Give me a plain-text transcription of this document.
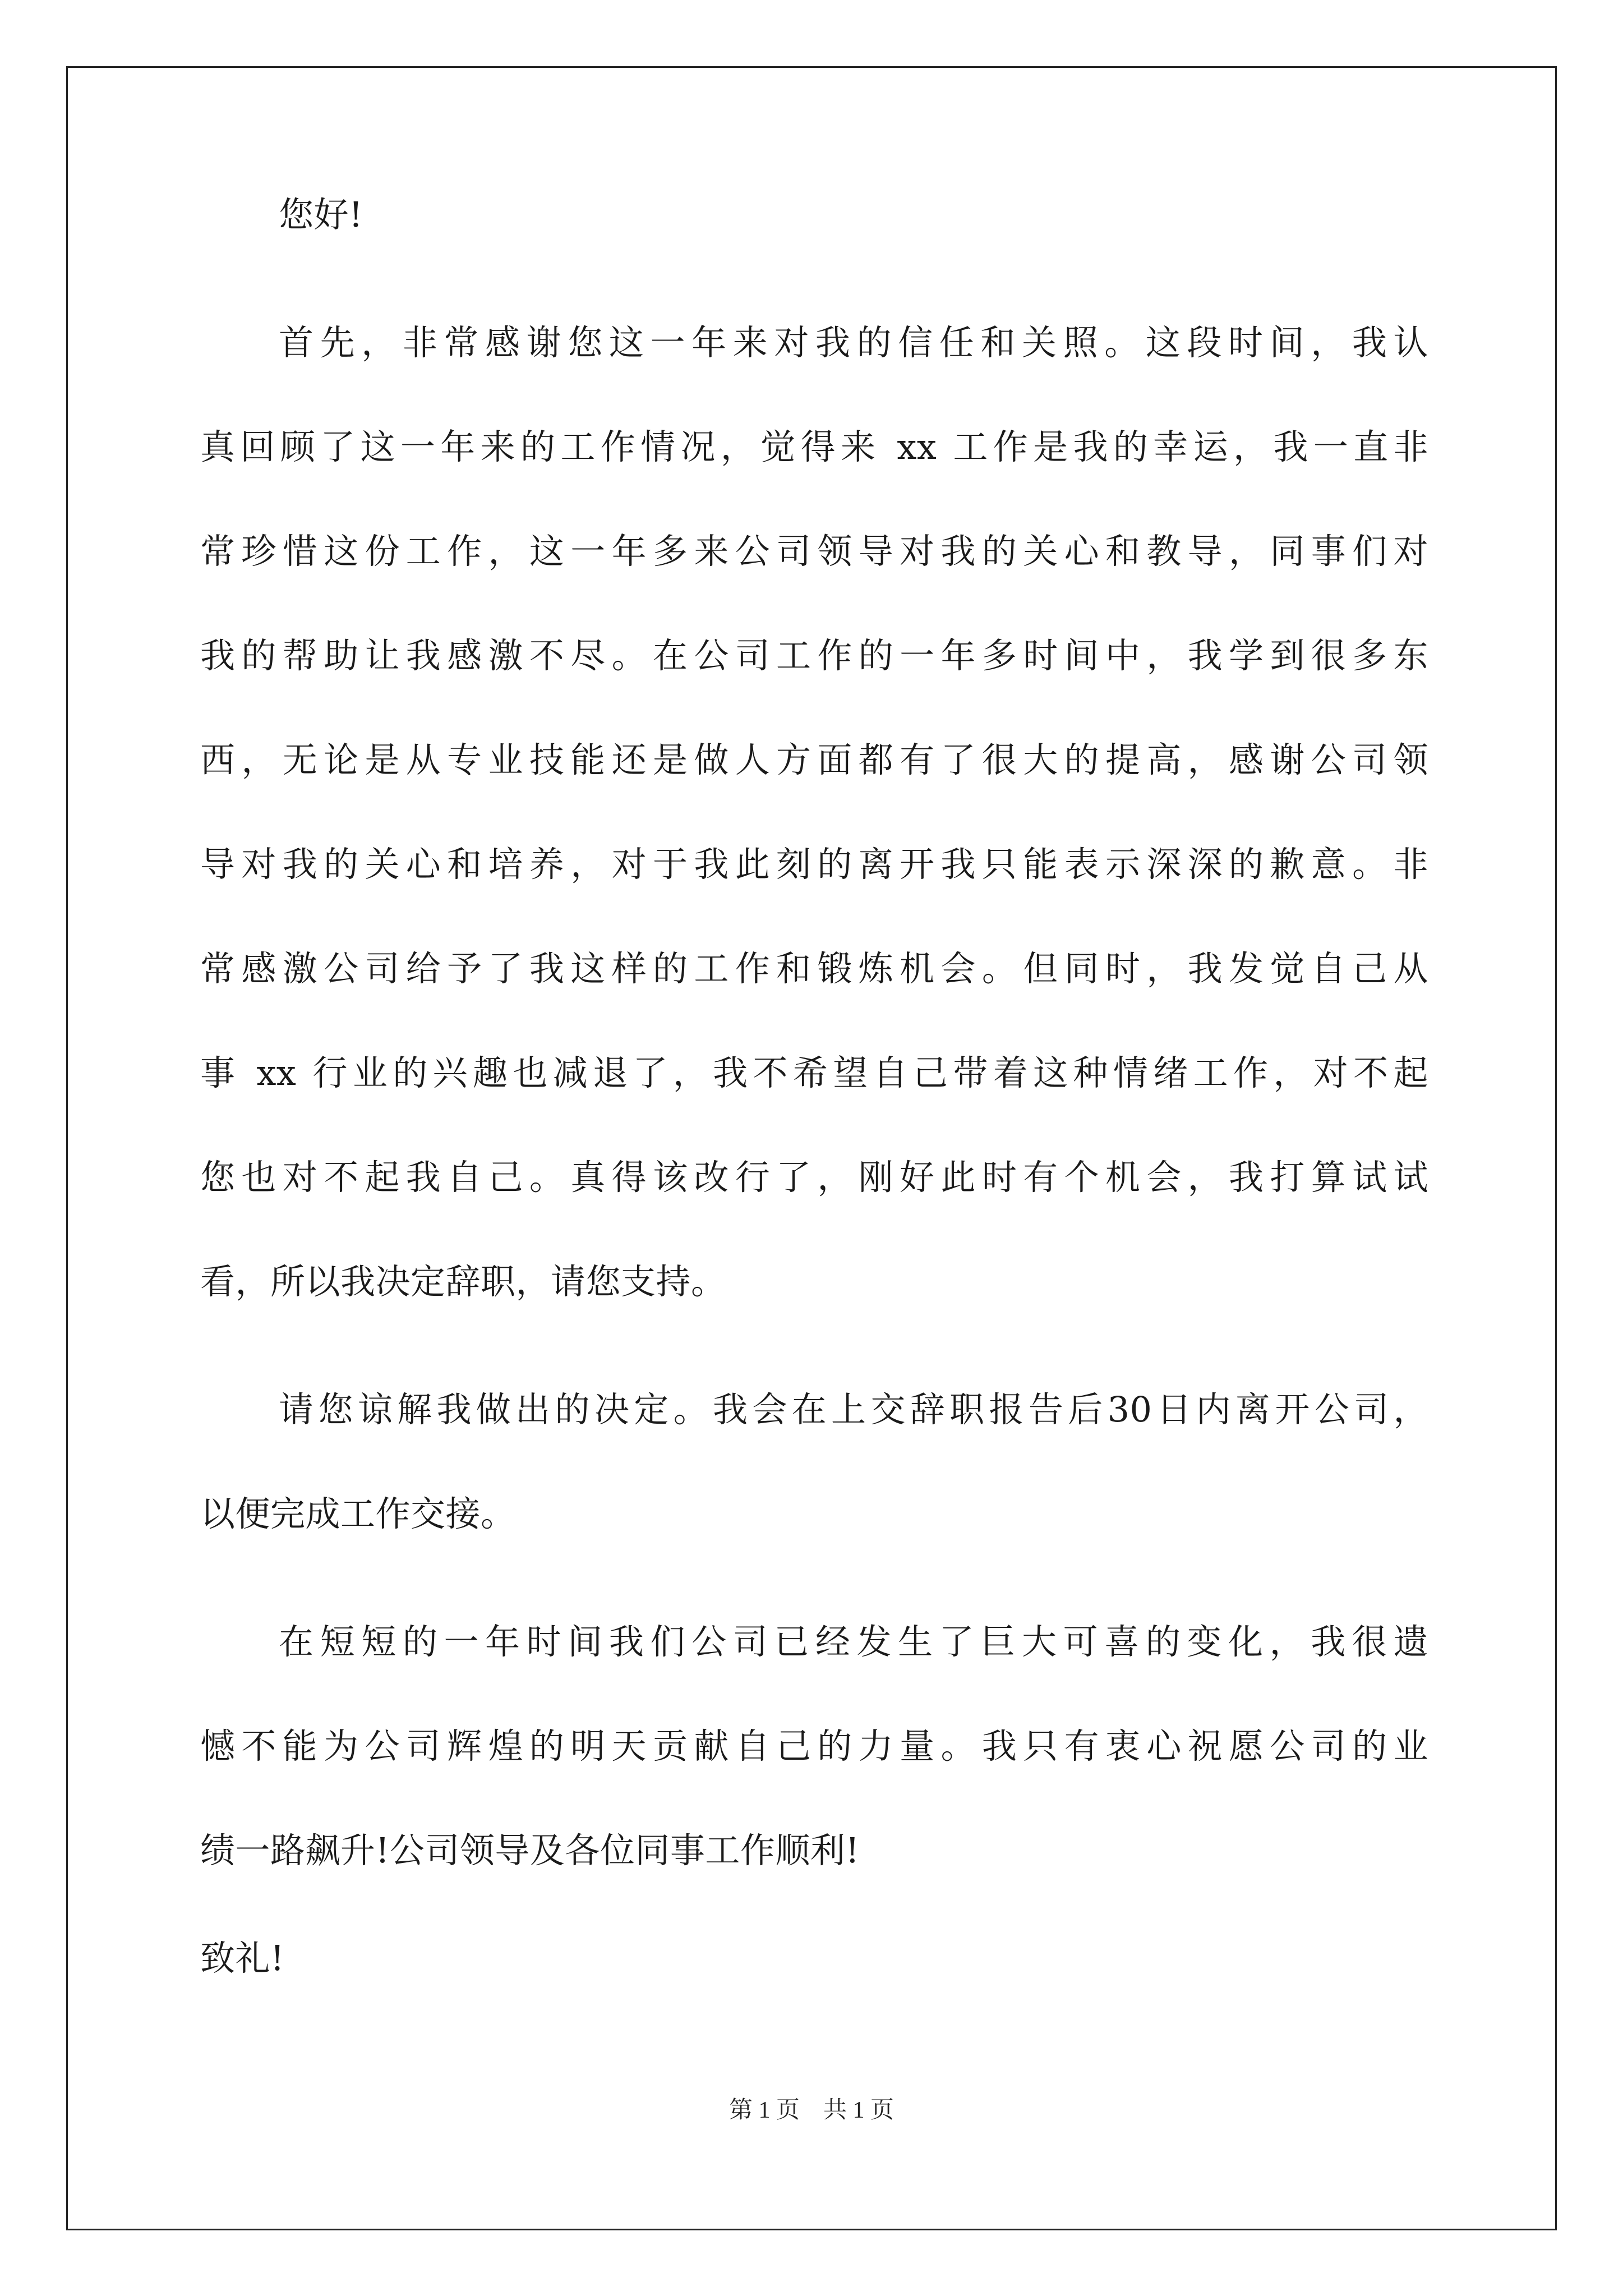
您好!
首先，非常感谢您这一年来对我的信任和关照。这段时间，我认
真回顾了这一年来的工作情况，觉得来 xx 工作是我的幸运，我一直非
常珍惜这份工作，这一年多来公司领导对我的关心和教导，同事们对
我的帮助让我感激不尽。在公司工作的一年多时间中，我学到很多东
西，无论是从专业技能还是做人方面都有了很大的提高，感谢公司领
导对我的关心和培养，对于我此刻的离开我只能表示深深的歉意。非
常感激公司给予了我这样的工作和锻炼机会。但同时，我发觉自己从
事 xx 行业的兴趣也减退了，我不希望自己带着这种情绪工作，对不起
您也对不起我自己。真得该改行了，刚好此时有个机会，我打算试试
看，所以我决定辞职，请您支持。
请您谅解我做出的决定。我会在上交辞职报告后30日内离开公司，
以便完成工作交接。
在短短的一年时间我们公司已经发生了巨大可喜的变化，我很遗
憾不能为公司辉煌的明天贡献自己的力量。我只有衷心祝愿公司的业
绩一路飙升!公司领导及各位同事工作顺利!
致礼!
第 1 页　共 1 页
